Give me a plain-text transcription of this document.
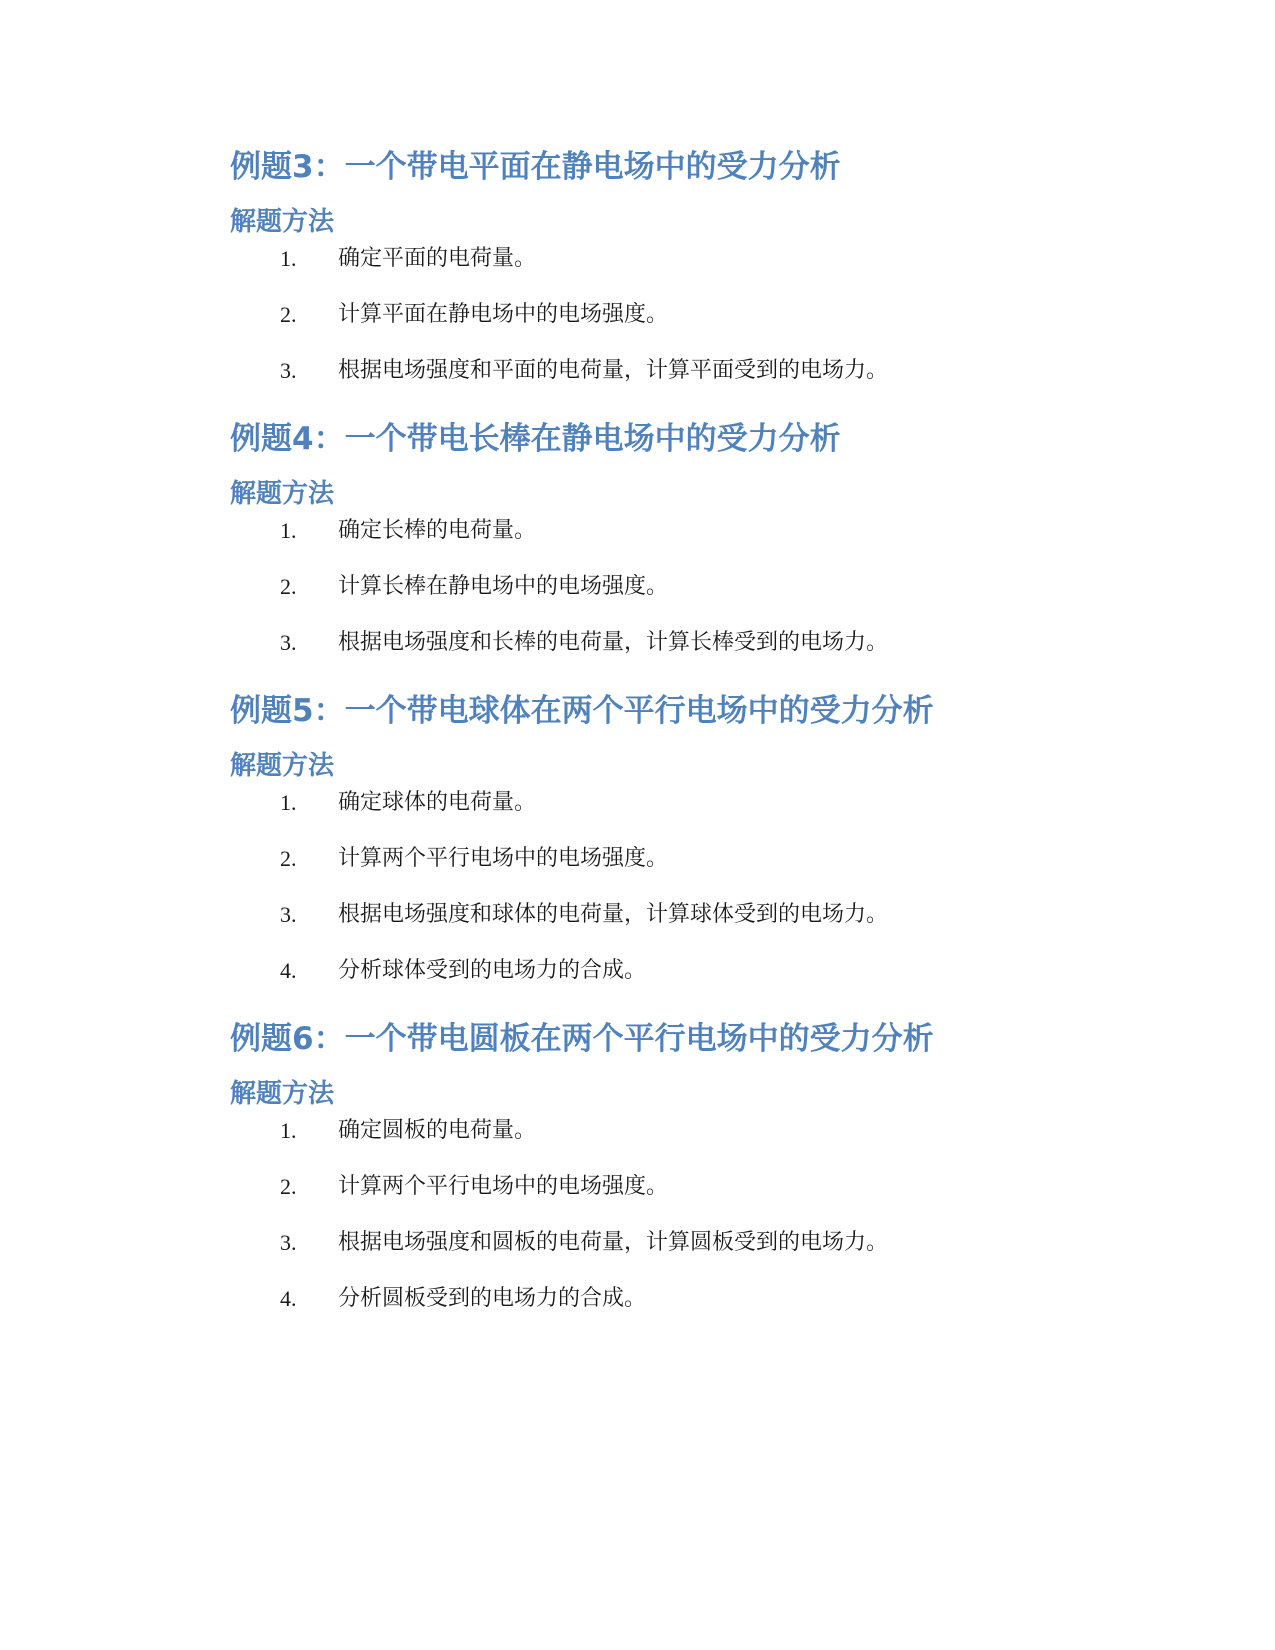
例题3：一个带电平面在静电场中的受力分析
解题方法
1. 确定平面的电荷量。
2. 计算平面在静电场中的电场强度。
3. 根据电场强度和平面的电荷量，计算平面受到的电场力。
例题4：一个带电长棒在静电场中的受力分析
解题方法
1. 确定长棒的电荷量。
2. 计算长棒在静电场中的电场强度。
3. 根据电场强度和长棒的电荷量，计算长棒受到的电场力。
例题5：一个带电球体在两个平行电场中的受力分析
解题方法
1. 确定球体的电荷量。
2. 计算两个平行电场中的电场强度。
3. 根据电场强度和球体的电荷量，计算球体受到的电场力。
4. 分析球体受到的电场力的合成。
例题6：一个带电圆板在两个平行电场中的受力分析
解题方法
1. 确定圆板的电荷量。
2. 计算两个平行电场中的电场强度。
3. 根据电场强度和圆板的电荷量，计算圆板受到的电场力。
4. 分析圆板受到的电场力的合成。
